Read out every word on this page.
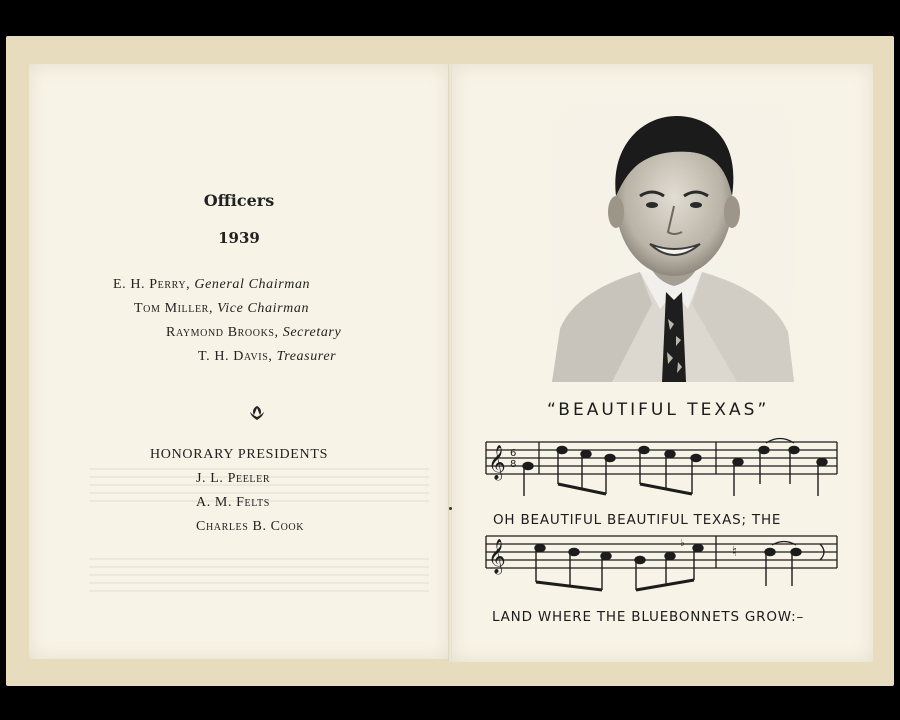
Officers
1939
E. H. Perry, General Chairman
Tom Miller, Vice Chairman
Raymond Brooks, Secretary
T. H. Davis, Treasurer
HONORARY PRESIDENTS
J. L. Peeler
A. M. Felts
Charles B. Cook
“BEAUTIFUL TEXAS”
𝄞 6
8
OH BEAUTIFUL BEAUTIFUL TEXAS; THE
𝄞	♭
♮
LAND WHERE THE BLUEBONNETS GROW:–
